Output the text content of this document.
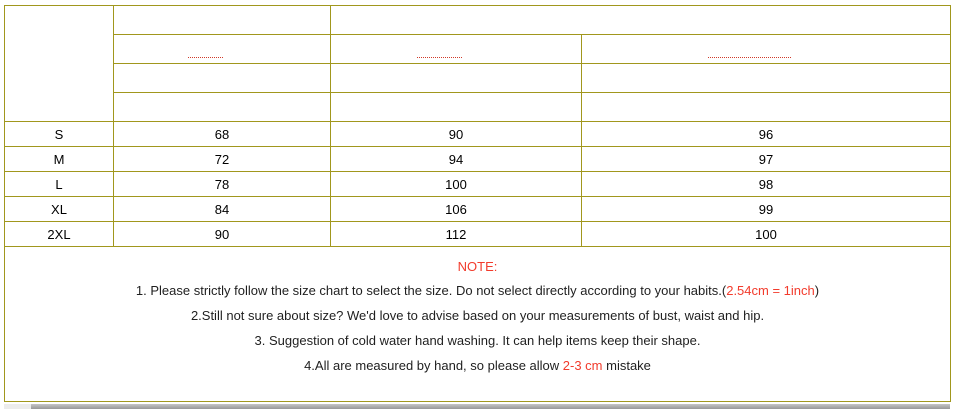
Size	TOP	Bottom	
	Busto (cm)	Cintura (CM)	Comprimento (cm)
	Бюст (см)	Талия (см)	Длина (см)
	Bust (cm)	Waist(cm)	Length (cm)
S	68	90	96
M	72	94	97
L	78	100	98
XL	84	106	99
2XL	90	112	100

NOTE:
1. Please strictly follow the size chart to select the size. Do not select directly according to your habits.(2.54cm = 1inch)
2.Still not sure about size? We'd love to advise based on your measurements of bust, waist and hip.
3. Suggestion of cold water hand washing. It can help items keep their shape.
4.All are measured by hand, so please allow 2-3 cm mistake			
